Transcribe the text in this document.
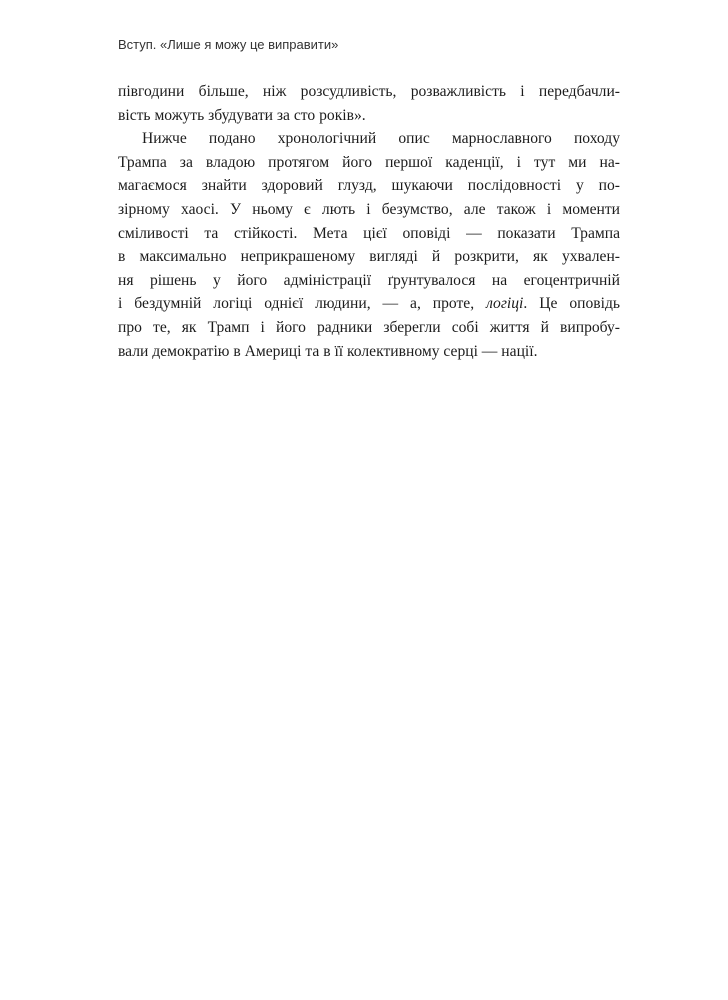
Вступ. «Лише я можу це виправити»
півгодини більше, ніж розсудливість, розважливість і передбачли-
вість можуть збудувати за сто років».
Нижче подано хронологічний опис марнославного походу
Трампа за владою протягом його першої каденції, і тут ми на-
магаємося знайти здоровий глузд, шукаючи послідовності у по-
зірному хаосі. У ньому є лють і безумство, але також і моменти
сміливості та стійкості. Мета цієї оповіді — показати Трампа
в максимально неприкрашеному вигляді й розкрити, як ухвален-
ня рішень у його адміністрації ґрунтувалося на егоцентричній
і бездумній логіці однієї людини, — а, проте, логіці. Це оповідь
про те, як Трамп і його радники зберегли собі життя й випробу-
вали демократію в Америці та в її колективному серці — нації.
